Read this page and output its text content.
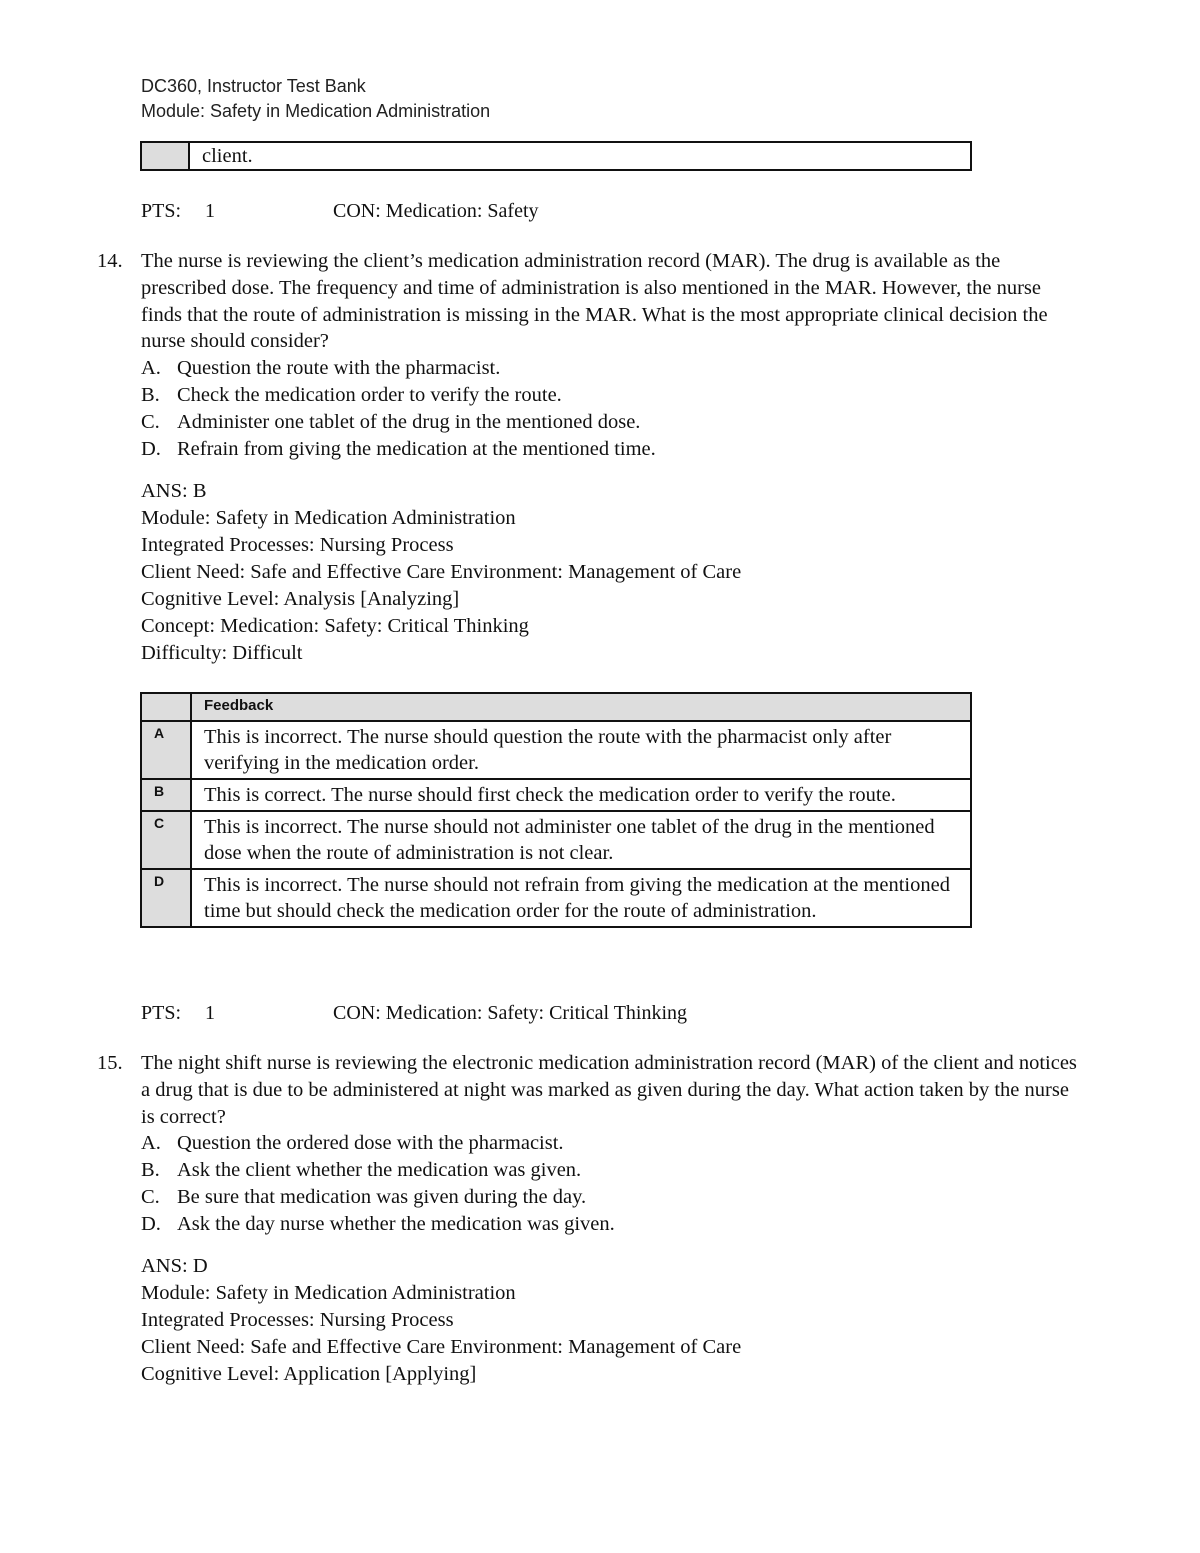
DC360, Instructor Test Bank
Module: Safety in Medication Administration
	client.
PTS: 1	CON: Medication: Safety
14. The nurse is reviewing the client’s medication administration record (MAR). The drug is available as the prescribed dose. The frequency and time of administration is also mentioned in the MAR. However, the nurse finds that the route of administration is missing in the MAR. What is the most appropriate clinical decision the nurse should consider?
A. Question the route with the pharmacist.
B. Check the medication order to verify the route.
C. Administer one tablet of the drug in the mentioned dose.
D. Refrain from giving the medication at the mentioned time.
ANS: B
Module: Safety in Medication Administration
Integrated Processes: Nursing Process
Client Need: Safe and Effective Care Environment: Management of Care
Cognitive Level: Analysis [Analyzing]
Concept: Medication: Safety: Critical Thinking
Difficulty: Difficult
	Feedback
A	This is incorrect. The nurse should question the route with the pharmacist only after verifying in the medication order.
B	This is correct. The nurse should first check the medication order to verify the route.
C	This is incorrect. The nurse should not administer one tablet of the drug in the mentioned dose when the route of administration is not clear.
D	This is incorrect. The nurse should not refrain from giving the medication at the mentioned time but should check the medication order for the route of administration.
PTS: 1	CON: Medication: Safety: Critical Thinking
15. The night shift nurse is reviewing the electronic medication administration record (MAR) of the client and notices a drug that is due to be administered at night was marked as given during the day. What action taken by the nurse is correct?
A. Question the ordered dose with the pharmacist.
B. Ask the client whether the medication was given.
C. Be sure that medication was given during the day.
D. Ask the day nurse whether the medication was given.
ANS: D
Module: Safety in Medication Administration
Integrated Processes: Nursing Process
Client Need: Safe and Effective Care Environment: Management of Care
Cognitive Level: Application [Applying]
